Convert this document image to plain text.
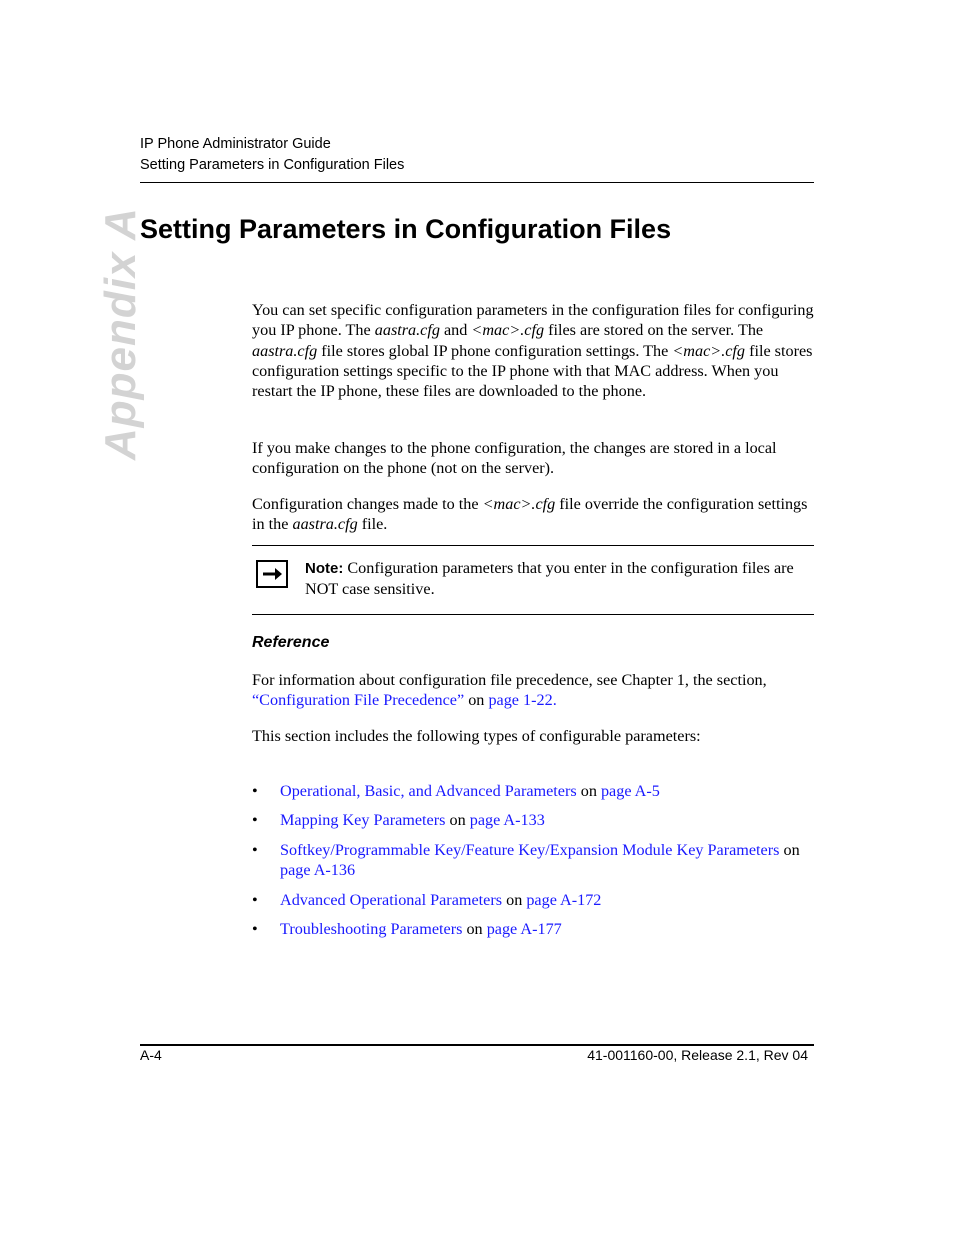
IP Phone Administrator Guide
Setting Parameters in Configuration Files
Appendix A
Setting Parameters in Configuration Files

You can set specific configuration parameters in the configuration files for configuring you IP phone. The aastra.cfg and <mac>.cfg files are stored on the server. The aastra.cfg file stores global IP phone configuration settings. The <mac>.cfg file stores configuration settings specific to the IP phone with that MAC address. When you restart the IP phone, these files are downloaded to the phone.

If you make changes to the phone configuration, the changes are stored in a local configuration on the phone (not on the server).

Configuration changes made to the <mac>.cfg file override the configuration settings in the aastra.cfg file.

Note: Configuration parameters that you enter in the configuration files are NOT case sensitive.

Reference

For information about configuration file precedence, see Chapter 1, the section, “Configuration File Precedence” on page 1-22.

This section includes the following types of configurable parameters:

• Operational, Basic, and Advanced Parameters on page A-5
• Mapping Key Parameters on page A-133
• Softkey/Programmable Key/Feature Key/Expansion Module Key Parameters on page A-136
• Advanced Operational Parameters on page A-172
• Troubleshooting Parameters on page A-177
A-4	41-001160-00, Release 2.1, Rev 04
